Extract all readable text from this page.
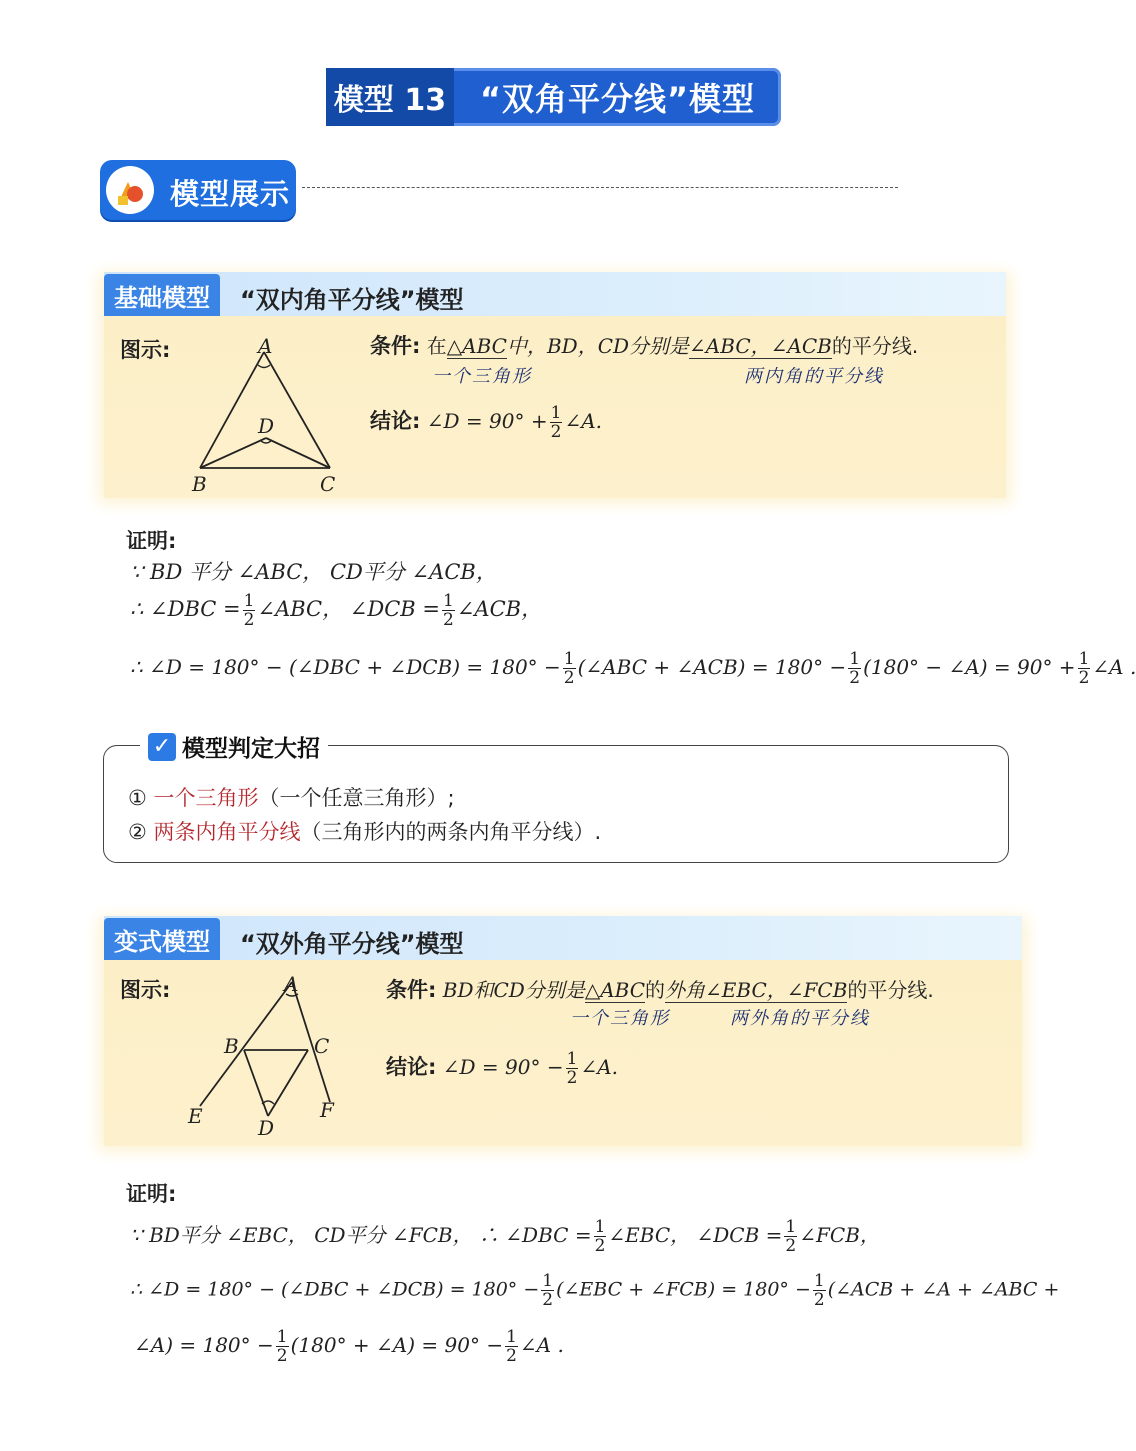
模型 13	“双角平分线”模型
模型展示
基础模型	“双内角平分线”模型
图示:	A
D
B	C
条件: 在△ABC中，BD，CD分别是∠ABC，∠ACB的平分线.
一个三角形	两内角的平分线
结论: ∠D = $90^\circ + \frac{1}{2}$ ∠A.
证明:
∵ BD 平分 ∠ABC， CD平分 ∠ACB，
∴ ∠DBC = $\frac{1}{2}$ ∠ABC， ∠DCB = $\frac{1}{2}$ ∠ACB，
∴ ∠D = 180° − (∠DBC + ∠DCB) = $180^\circ - \frac{1}{2}$ (∠ABC + ∠ACB) = $180^\circ - \frac{1}{2} (180^\circ$ − ∠A) = $90^\circ + \frac{1}{2}$ ∠A .
✓ 模型判定大招
① 一个三角形（一个任意三角形）;
② 两条内角平分线（三角形内的两条内角平分线）.
变式模型	“双外角平分线”模型
图示:	A
B	C
E	F
D
条件: BD和CD分别是△ABC的外角∠EBC，∠FCB的平分线.
一个三角形	两外角的平分线
结论: ∠D = $90^\circ - \frac{1}{2}$ ∠A.
证明:
∵ BD平分 ∠EBC， CD平分 ∠FCB， ∴ ∠DBC = $\frac{1}{2}$ ∠EBC， ∠DCB = $\frac{1}{2}$ ∠FCB，
∴ ∠D = 180° − (∠DBC + ∠DCB) = $180^\circ - \frac{1}{2}$ (∠EBC + ∠FCB) = $180^\circ - \frac{1}{2}$ (∠ACB + ∠A + ∠ABC +
∠A) = $180^\circ - \frac{1}{2} (180^\circ$ + ∠A) = $90^\circ - \frac{1}{2}$ ∠A .
